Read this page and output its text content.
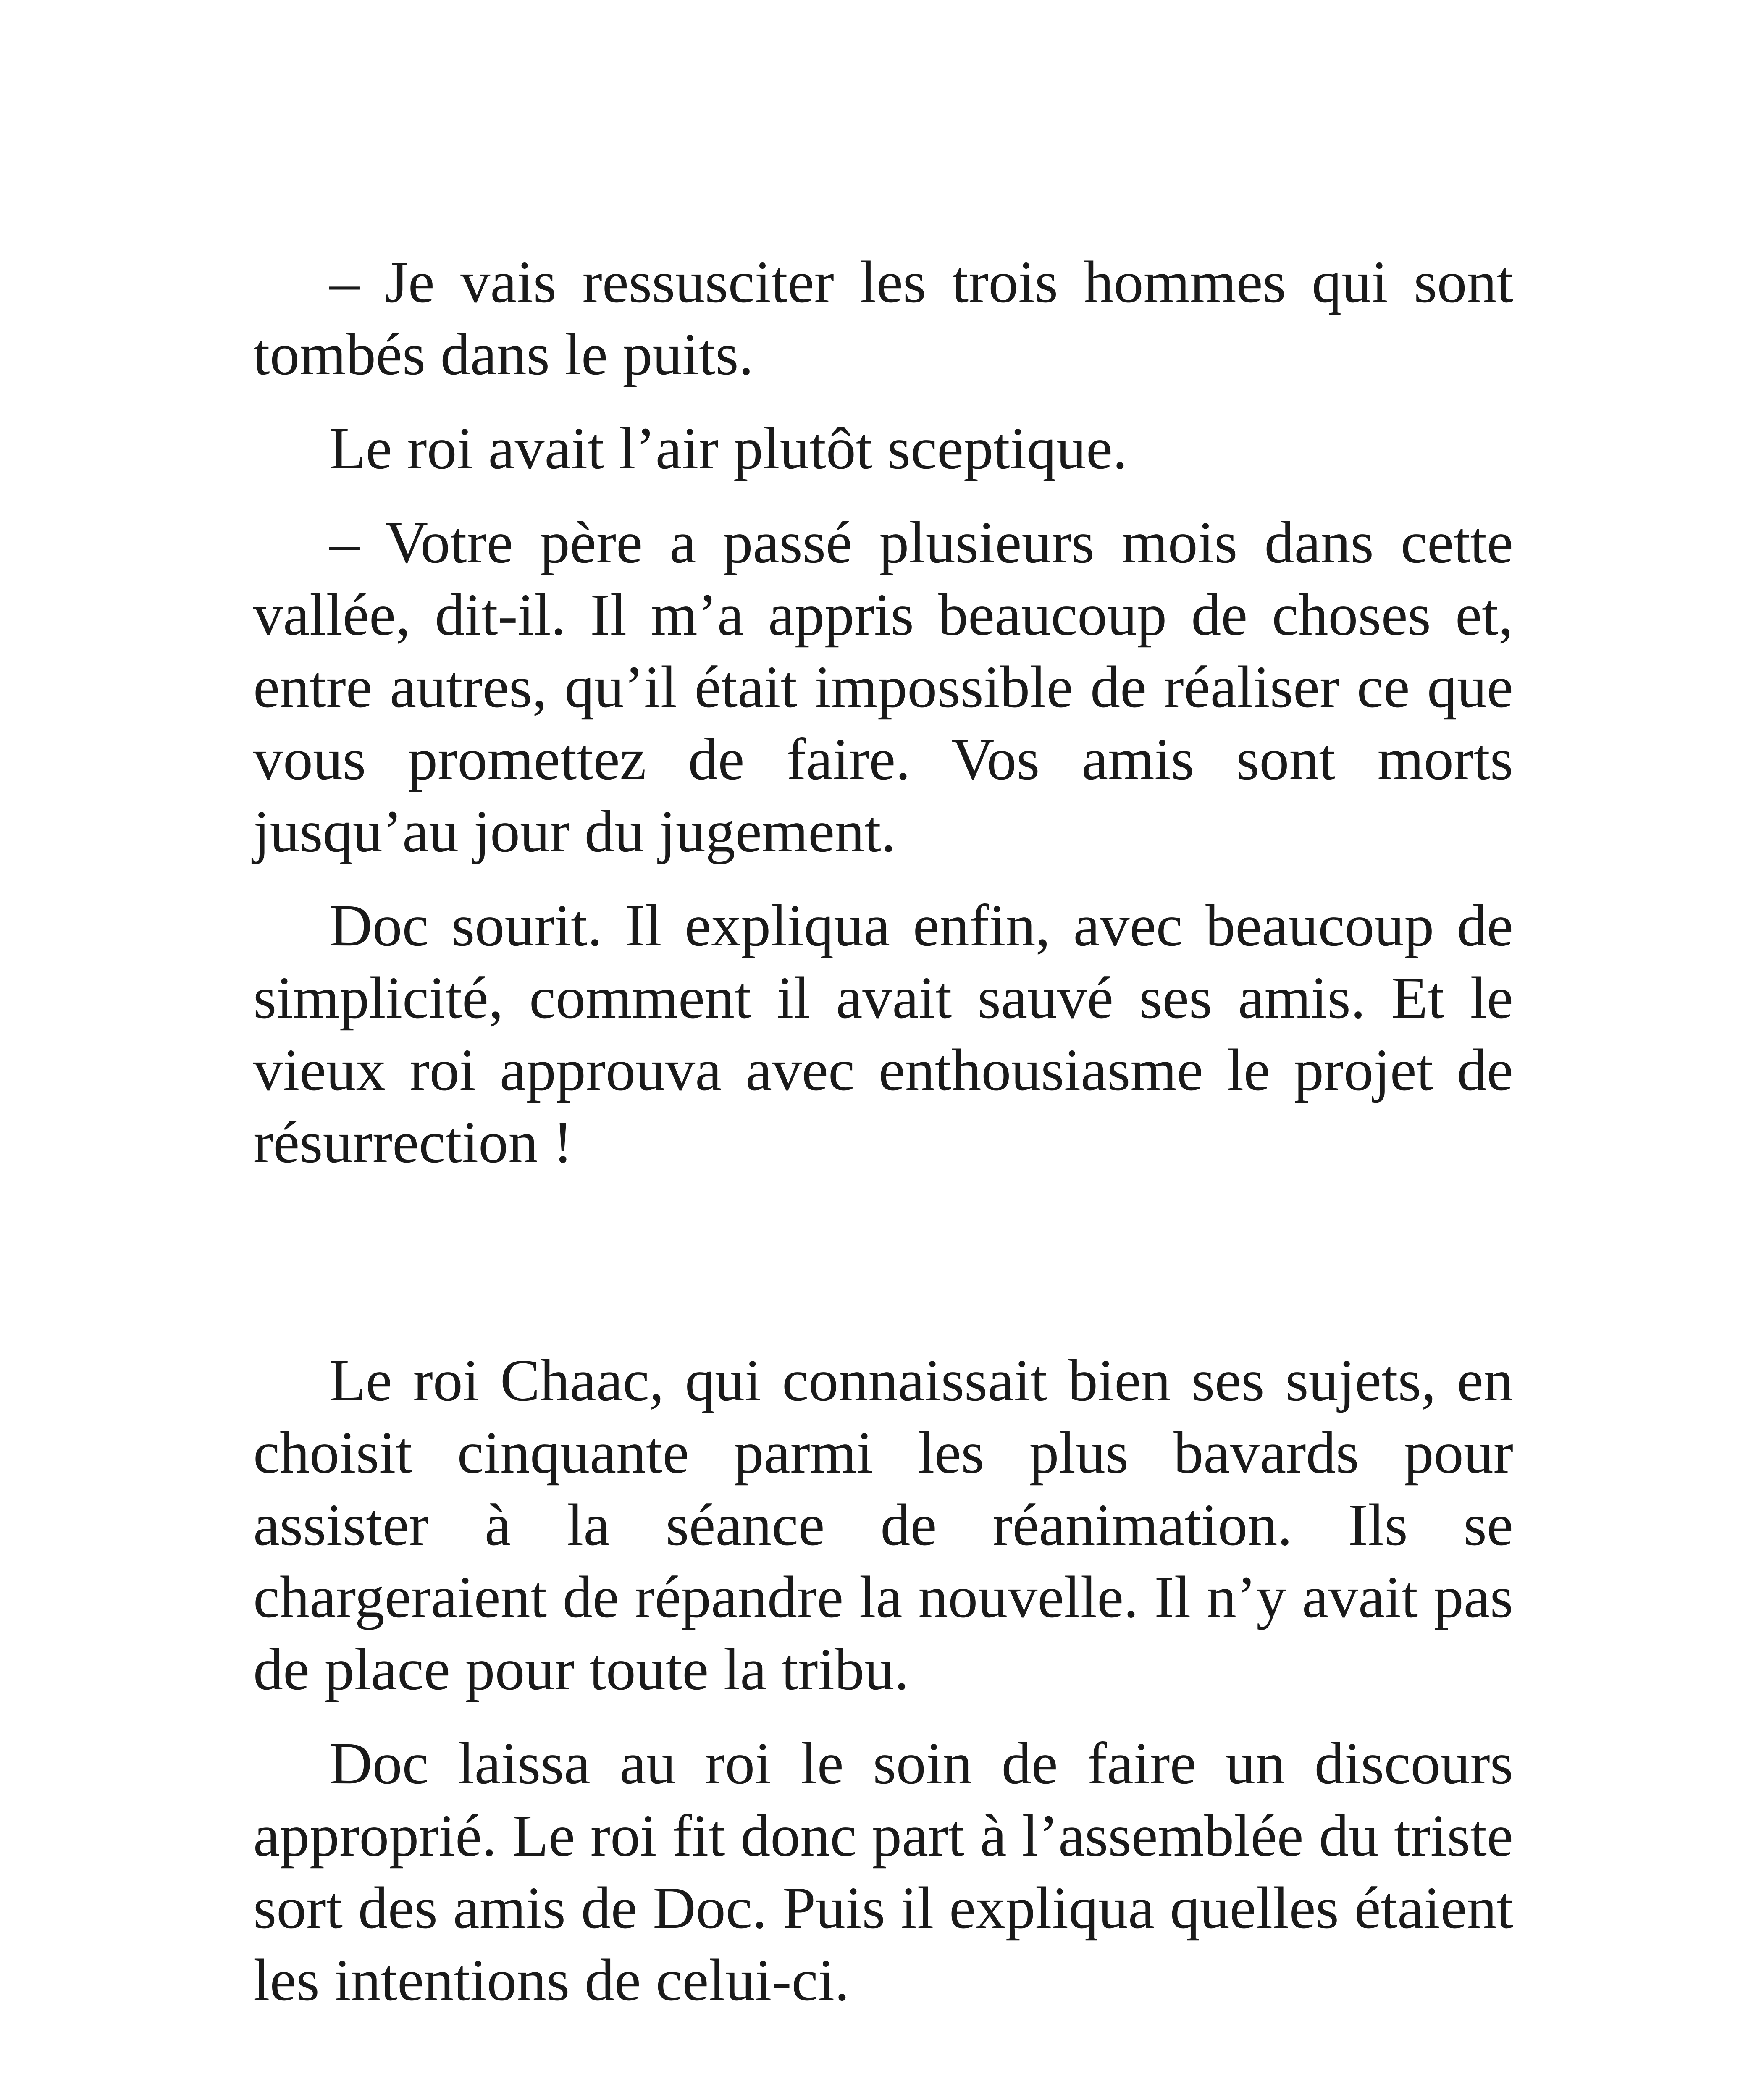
– Je vais ressusciter les trois hommes qui sont tombés dans le puits.

Le roi avait l’air plutôt sceptique.

– Votre père a passé plusieurs mois dans cette vallée, dit-il. Il m’a appris beaucoup de choses et, entre autres, qu’il était impossible de réaliser ce que vous promettez de faire. Vos amis sont morts jusqu’au jour du jugement.

Doc sourit. Il expliqua enfin, avec beaucoup de simplicité, comment il avait sauvé ses amis. Et le vieux roi approuva avec enthousiasme le projet de résurrection !

Le roi Chaac, qui connaissait bien ses sujets, en choisit cinquante parmi les plus bavards pour assister à la séance de réanimation. Ils se chargeraient de répandre la nouvelle. Il n’y avait pas de place pour toute la tribu.

Doc laissa au roi le soin de faire un discours approprié. Le roi fit donc part à l’assemblée du triste sort des amis de Doc. Puis il expliqua quelles étaient les intentions de celui-ci.
